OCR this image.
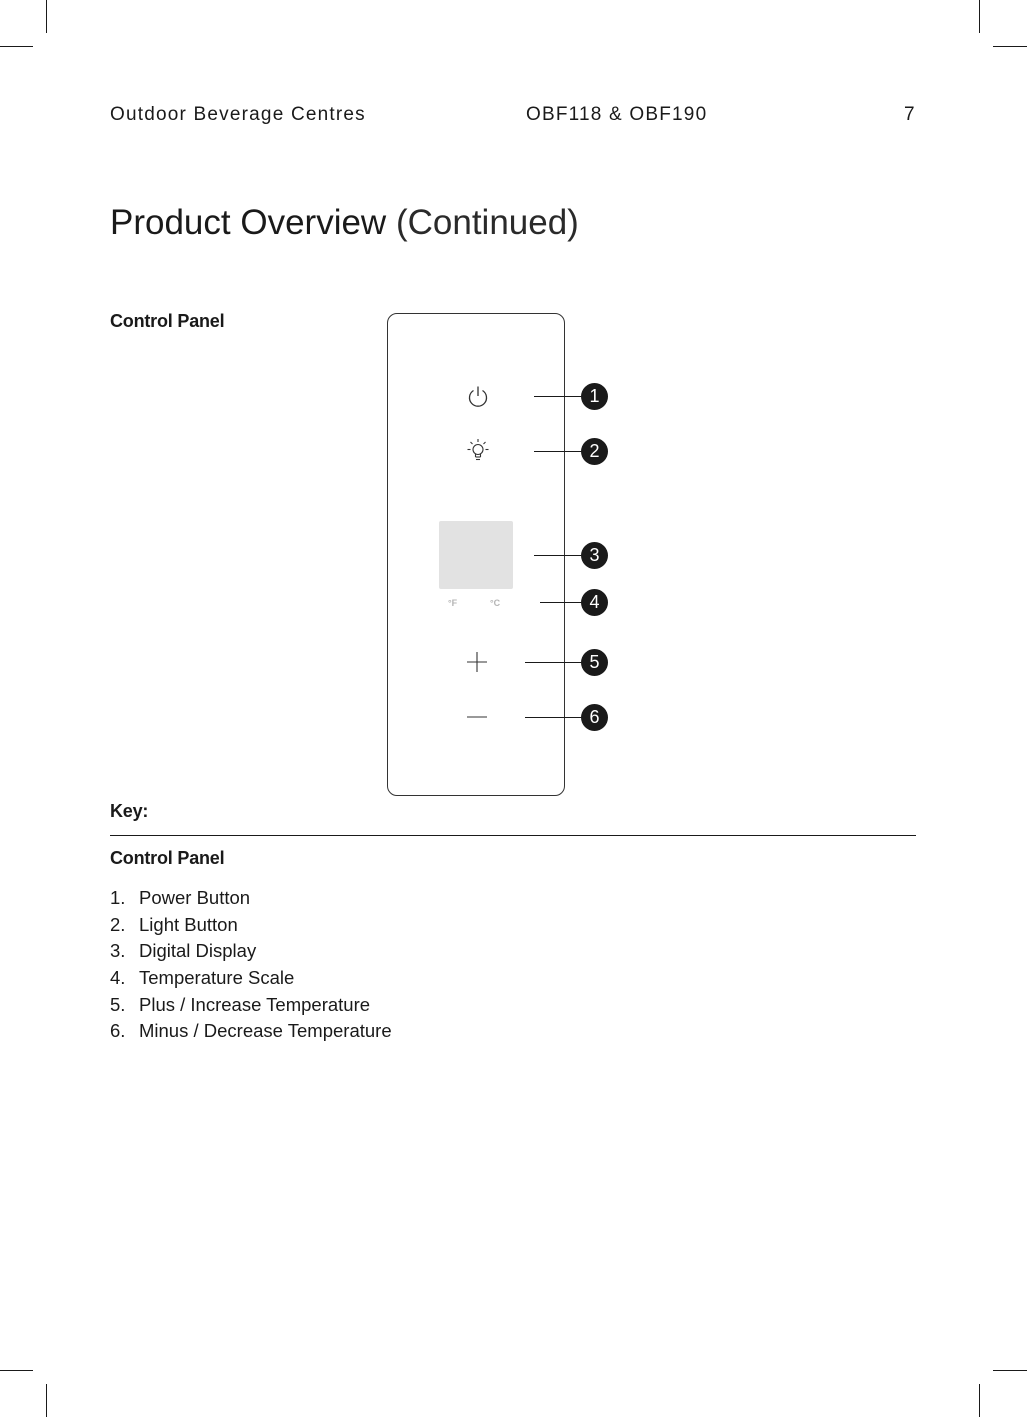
Outdoor Beverage Centres	OBF118 & OBF190	7
Product Overview (Continued)
Control Panel
°F	°C
1
2
3
4
5
6
Key:
Control Panel
1. Power Button
2. Light Button
3. Digital Display
4. Temperature Scale
5. Plus / Increase Temperature
6. Minus / Decrease Temperature
